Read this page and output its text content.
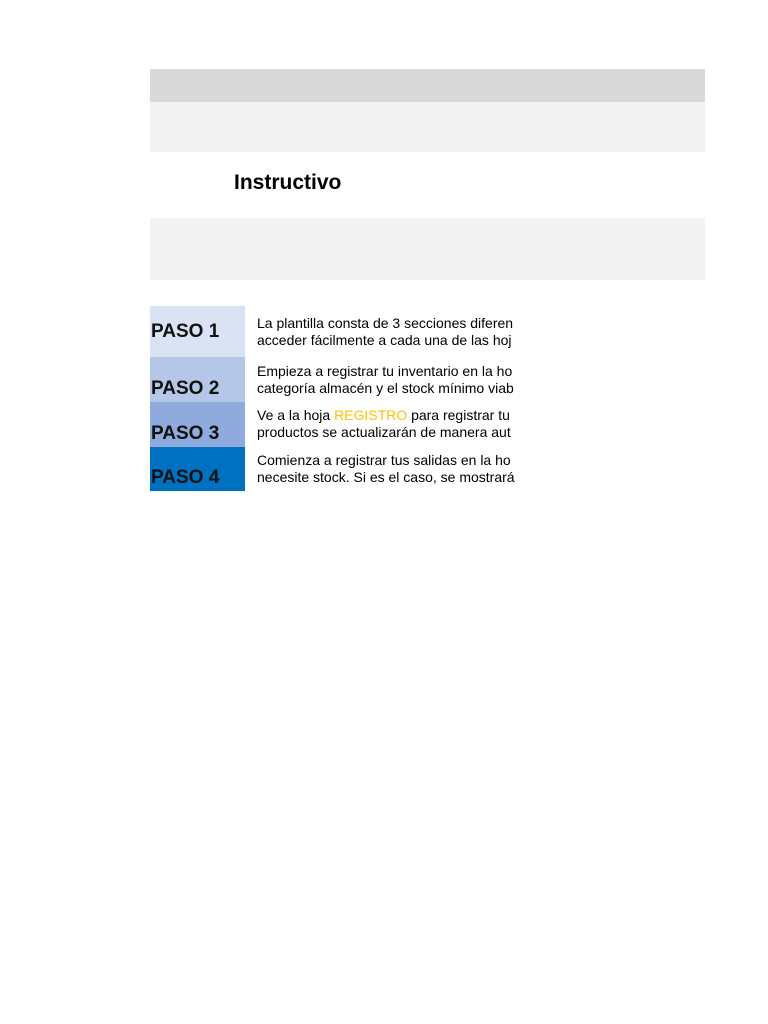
Instructivo
PASO 1	La plantilla consta de 3 secciones diferen
acceder fácilmente a cada una de las hoj
PASO 2
Empieza a registrar tu inventario en la ho
categoría almacén y el stock mínimo viab
PASO 3
Ve a la hoja REGISTRO para registrar tu
productos se actualizarán de manera aut
PASO 4
Comienza a registrar tus salidas en la ho
necesite stock. Si es el caso, se mostrará
